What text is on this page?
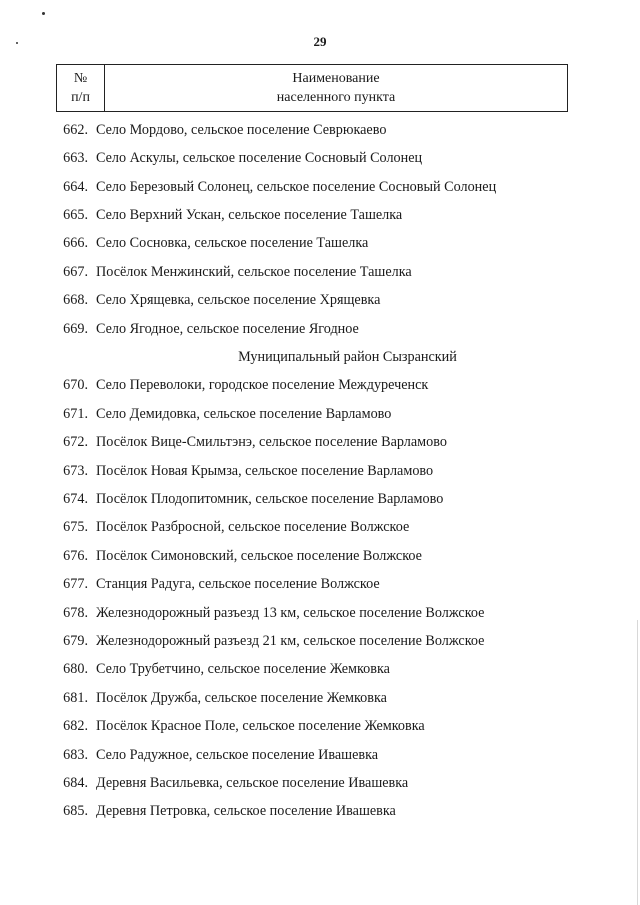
29
№
п/п
Наименование
населенного пункта
662. Село Мордово, сельское поселение Севрюкаево
663. Село Аскулы, сельское поселение Сосновый Солонец
664. Село Березовый Солонец, сельское поселение Сосновый Солонец
665. Село Верхний Ускан, сельское поселение Ташелка
666. Село Сосновка, сельское поселение Ташелка
667. Посёлок Менжинский, сельское поселение Ташелка
668. Село Хрящевка, сельское поселение Хрящевка
669. Село Ягодное, сельское поселение Ягодное
Муниципальный район Сызранский
670. Село Переволоки, городское поселение Междуреченск
671. Село Демидовка, сельское поселение Варламово
672. Посёлок Вице-Смильтэнэ, сельское поселение Варламово
673. Посёлок Новая Крымза, сельское поселение Варламово
674. Посёлок Плодопитомник, сельское поселение Варламово
675. Посёлок Разбросной, сельское поселение Волжское
676. Посёлок Симоновский, сельское поселение Волжское
677. Станция Радуга, сельское поселение Волжское
678. Железнодорожный разъезд 13 км, сельское поселение Волжское
679. Железнодорожный разъезд 21 км, сельское поселение Волжское
680. Село Трубетчино, сельское поселение Жемковка
681. Посёлок Дружба, сельское поселение Жемковка
682. Посёлок Красное Поле, сельское поселение Жемковка
683. Село Радужное, сельское поселение Ивашевка
684. Деревня Васильевка, сельское поселение Ивашевка
685. Деревня Петровка, сельское поселение Ивашевка
